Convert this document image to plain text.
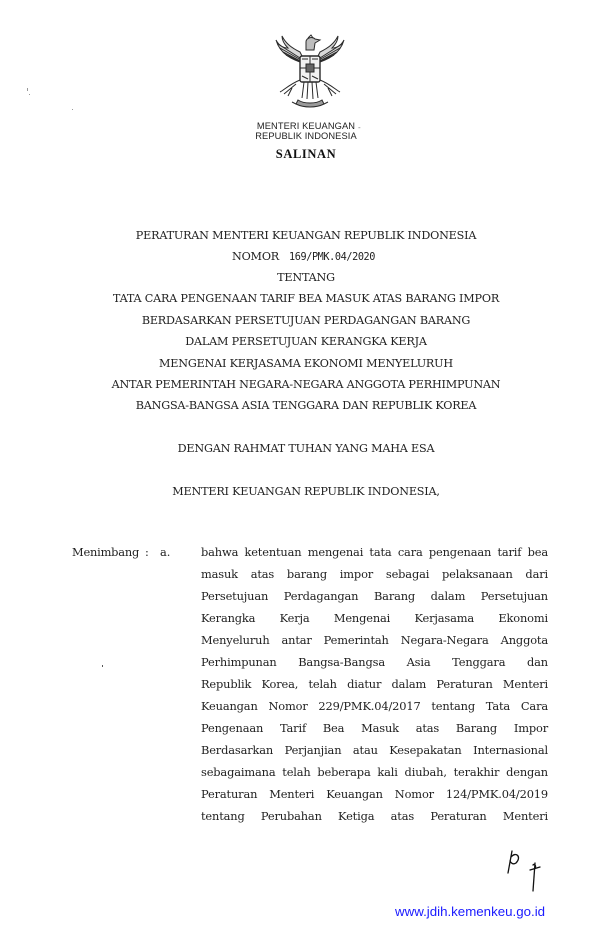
MENTERI KEUANGAN
REPUBLIK INDONESIA
-
SALINAN
PERATURAN MENTERI KEUANGAN REPUBLIK INDONESIA
NOMOR 169/PMK.04/2020
TENTANG
TATA CARA PENGENAAN TARIF BEA MASUK ATAS BARANG IMPOR
BERDASARKAN PERSETUJUAN PERDAGANGAN BARANG
DALAM PERSETUJUAN KERANGKA KERJA
MENGENAI KERJASAMA EKONOMI MENYELURUH
ANTAR PEMERINTAH NEGARA-NEGARA ANGGOTA PERHIMPUNAN
BANGSA-BANGSA ASIA TENGGARA DAN REPUBLIK KOREA
DENGAN RAHMAT TUHAN YANG MAHA ESA
MENTERI KEUANGAN REPUBLIK INDONESIA,
Menimbang : a.	bahwa ketentuan mengenai tata cara pengenaan tarif bea
masuk atas barang impor sebagai pelaksanaan dari
Persetujuan Perdagangan Barang dalam Persetujuan
Kerangka Kerja Mengenai Kerjasama Ekonomi
Menyeluruh antar Pemerintah Negara-Negara Anggota
Perhimpunan Bangsa-Bangsa Asia Tenggara dan
Republik Korea, telah diatur dalam Peraturan Menteri
Keuangan Nomor 229/PMK.04/2017 tentang Tata Cara
Pengenaan Tarif Bea Masuk atas Barang Impor
Berdasarkan Perjanjian atau Kesepakatan Internasional
sebagaimana telah beberapa kali diubah, terakhir dengan
Peraturan Menteri Keuangan Nomor 124/PMK.04/2019
tentang Perubahan Ketiga atas Peraturan Menteri
www.jdih.kemenkeu.go.id
